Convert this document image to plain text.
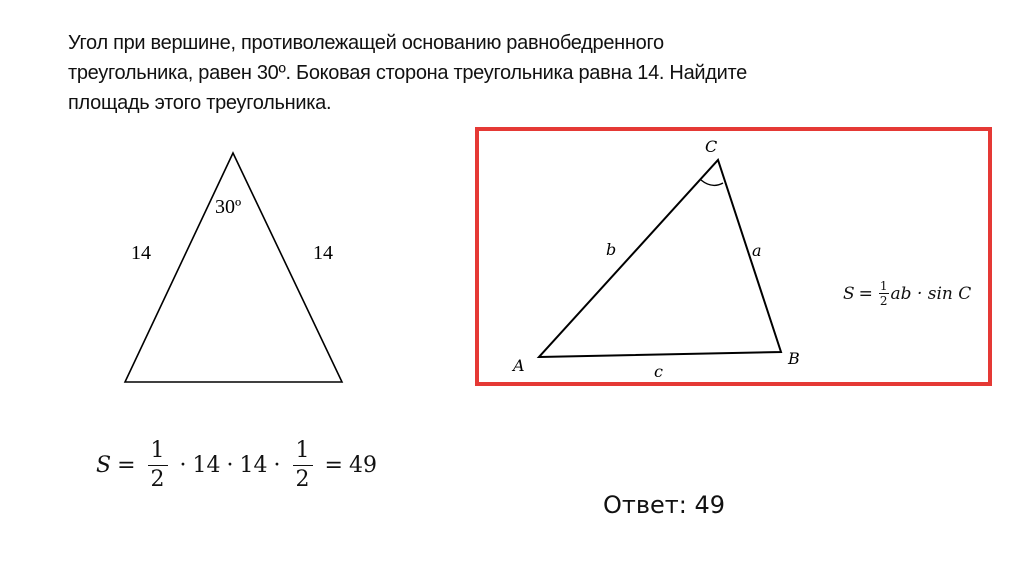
Угол при вершине, противолежащей основанию равнобедренного
треугольника, равен 30º. Боковая сторона треугольника равна 14. Найдите
площадь этого треугольника.
30º
14	14
A	B
C
a
b
c
$S = \frac{1}{2}$ ab · sin C
$S = \frac{1}{2} \cdot 14 \cdot 14 \cdot \frac{1}{2} = 49$
Ответ: 49
